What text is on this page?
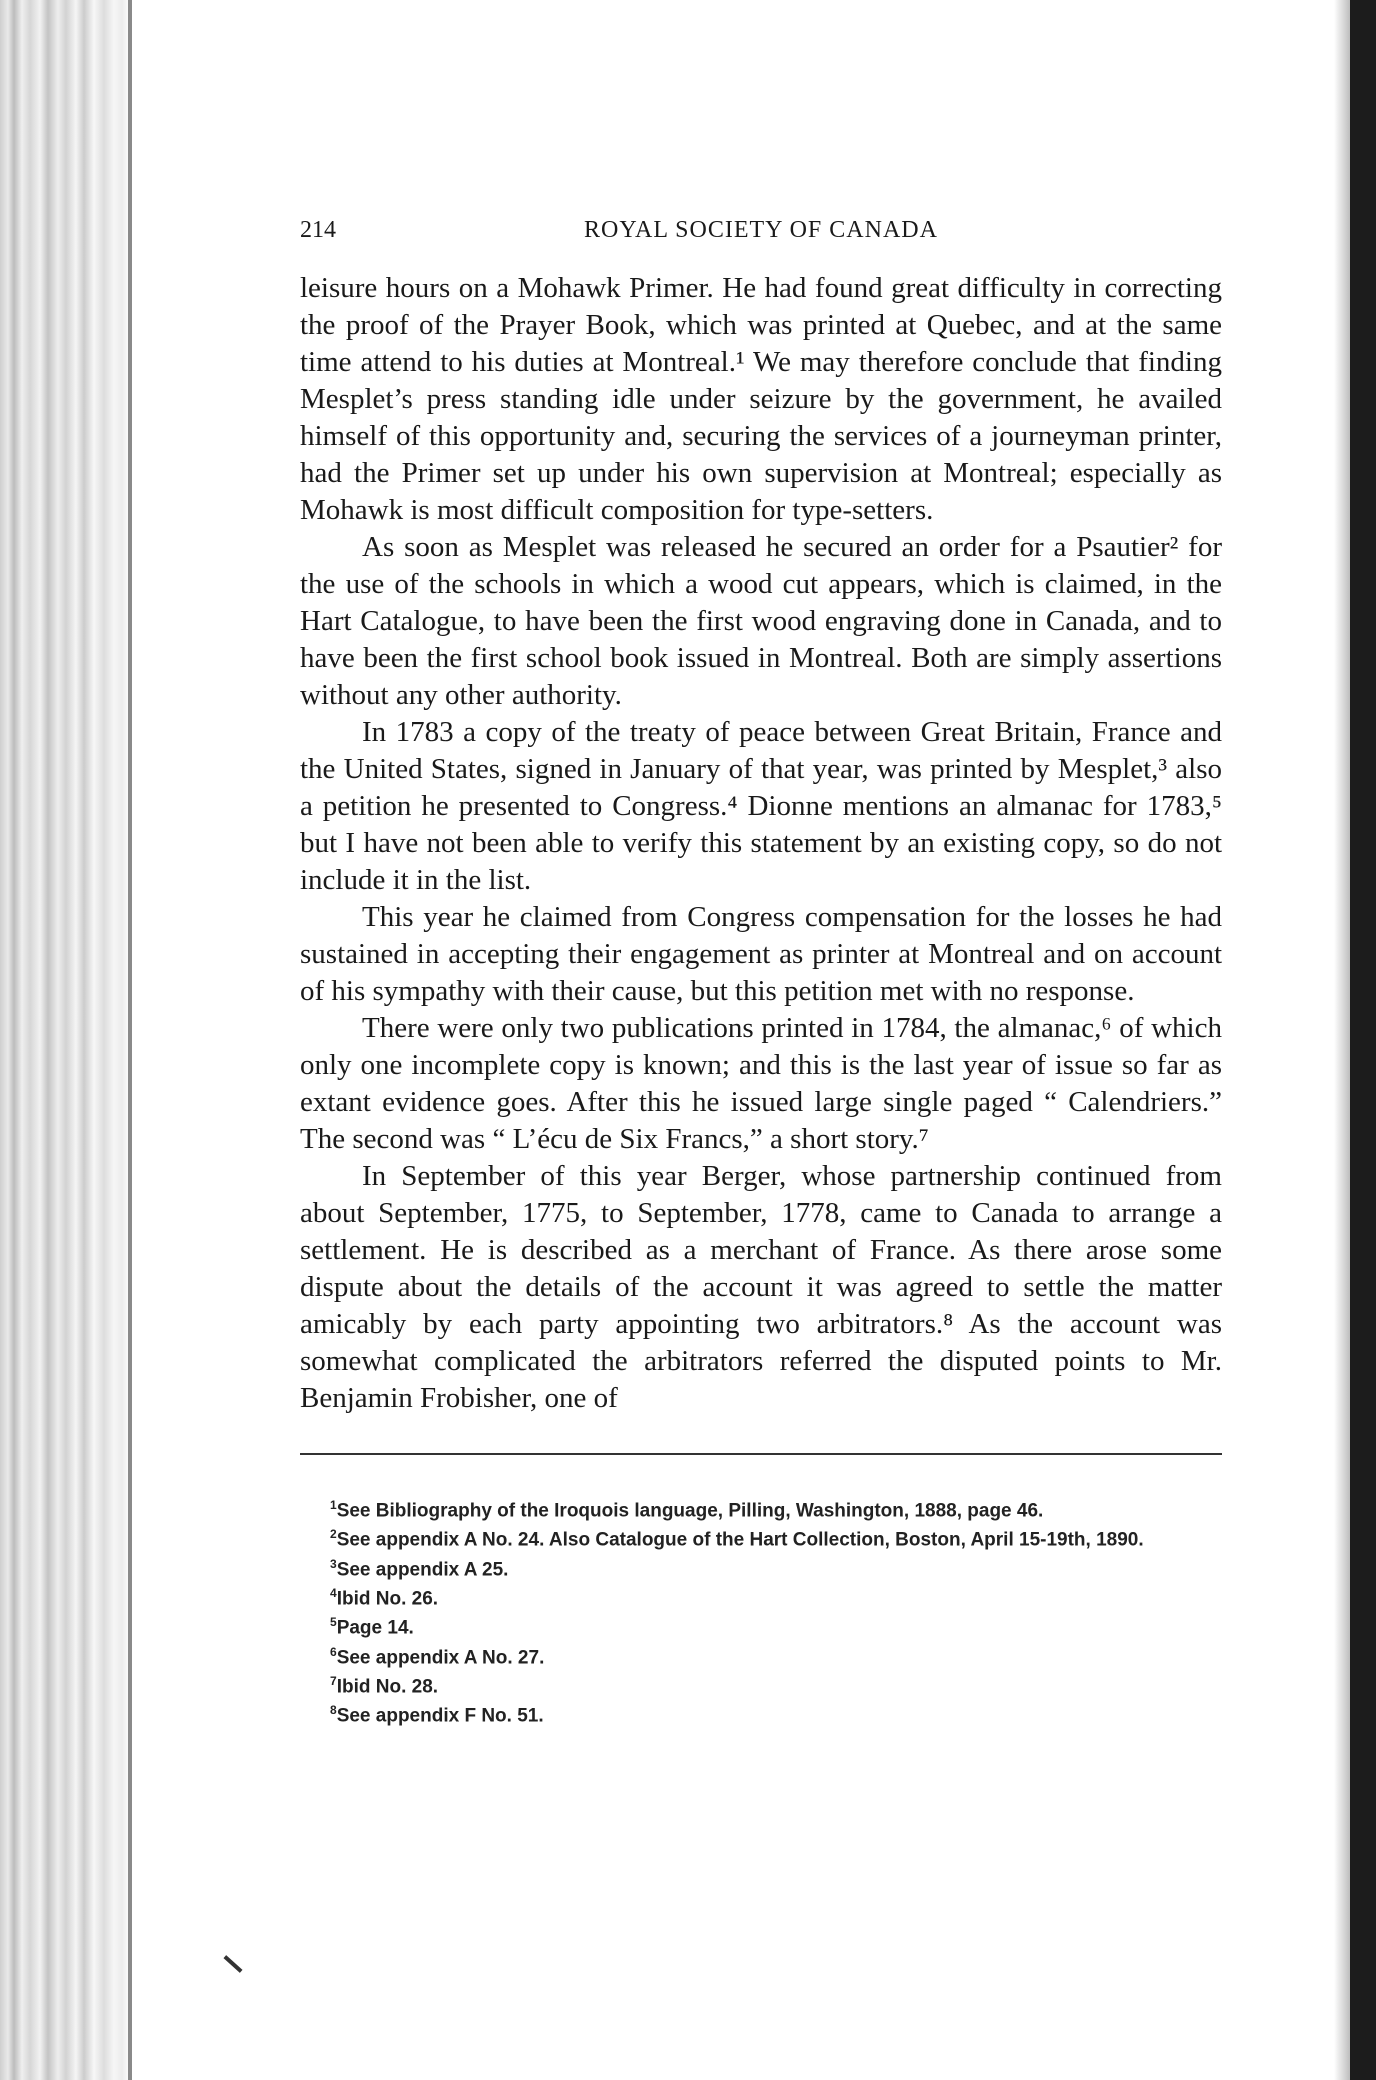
214	ROYAL SOCIETY OF CANADA

leisure hours on a Mohawk Primer. He had found great difficulty in correcting the proof of the Prayer Book, which was printed at Quebec, and at the same time attend to his duties at Montreal.¹ We may therefore conclude that finding Mesplet’s press standing idle under seizure by the government, he availed himself of this opportunity and, securing the services of a journeyman printer, had the Primer set up under his own supervision at Montreal; especially as Mohawk is most difficult composition for type-setters.

As soon as Mesplet was released he secured an order for a Psautier² for the use of the schools in which a wood cut appears, which is claimed, in the Hart Catalogue, to have been the first wood engraving done in Canada, and to have been the first school book issued in Montreal. Both are simply assertions without any other authority.

In 1783 a copy of the treaty of peace between Great Britain, France and the United States, signed in January of that year, was printed by Mesplet,³ also a petition he presented to Congress.⁴ Dionne mentions an almanac for 1783,⁵ but I have not been able to verify this statement by an existing copy, so do not include it in the list.

This year he claimed from Congress compensation for the losses he had sustained in accepting their engagement as printer at Montreal and on account of his sympathy with their cause, but this petition met with no response.

There were only two publications printed in 1784, the almanac,⁶ of which only one incomplete copy is known; and this is the last year of issue so far as extant evidence goes. After this he issued large single paged “ Calendriers.” The second was “ L’écu de Six Francs,” a short story.⁷

In September of this year Berger, whose partnership continued from about September, 1775, to September, 1778, came to Canada to arrange a settlement. He is described as a merchant of France. As there arose some dispute about the details of the account it was agreed to settle the matter amicably by each party appointing two arbitrators.⁸ As the account was somewhat complicated the arbitrators referred the disputed points to Mr. Benjamin Frobisher, one of

$^1$See Bibliography of the Iroquois language, Pilling, Washington, 1888, page 46.
$^2$See appendix A No. 24. Also Catalogue of the Hart Collection, Boston, April 15-19th, 1890.
$^3$See appendix A 25.
$^4$Ibid No. 26.
$^5$Page 14.
$^6$See appendix A No. 27.
$^7$Ibid No. 28.
$^8$See appendix F No. 51.
